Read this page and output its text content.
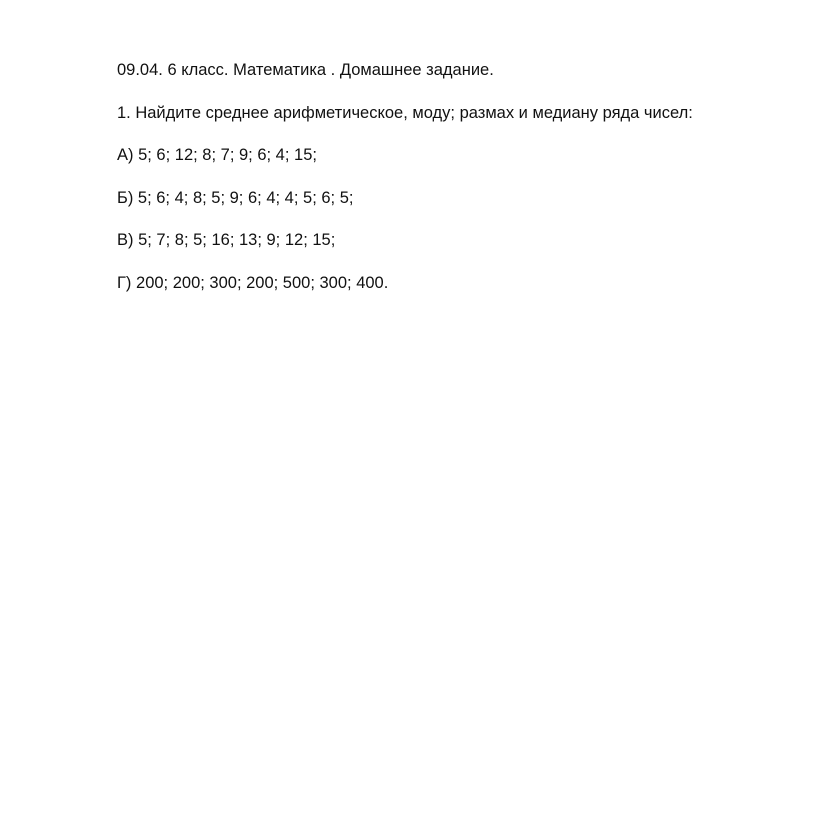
09.04. 6 класс. Математика . Домашнее задание.

1. Найдите среднее арифметическое, моду; размах и медиану ряда чисел:

А) 5; 6; 12; 8; 7; 9; 6; 4; 15;

Б) 5; 6; 4; 8; 5; 9; 6; 4; 4; 5; 6; 5;

В) 5; 7; 8; 5; 16; 13; 9; 12; 15;

Г) 200; 200; 300; 200; 500; 300; 400.
